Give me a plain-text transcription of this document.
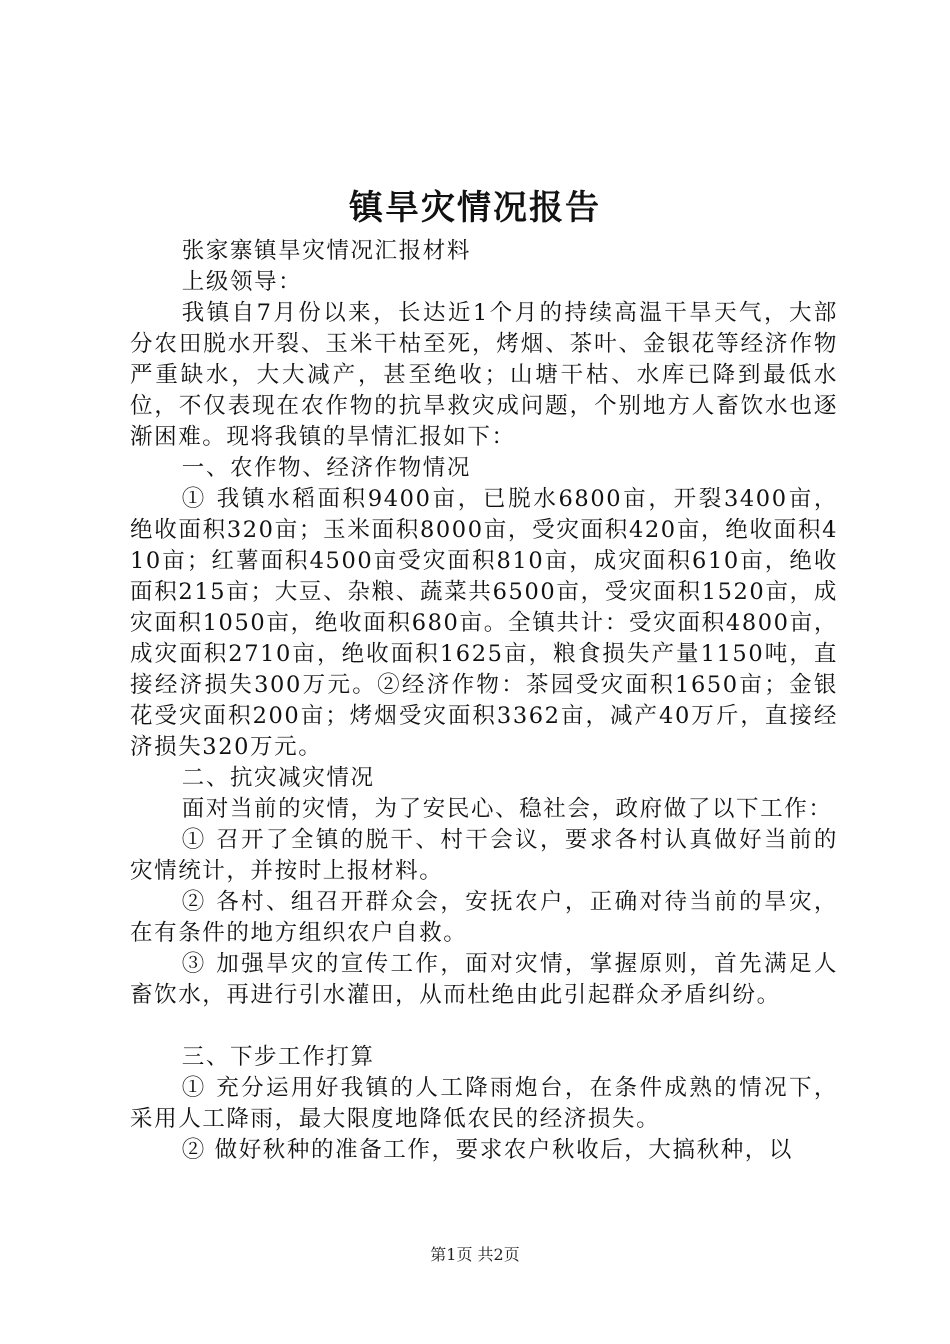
镇旱灾情况报告

张家寨镇旱灾情况汇报材料

上级领导：

我镇自7月份以来，长达近1个月的持续高温干旱天气，大部分农田脱水开裂、玉米干枯至死，烤烟、茶叶、金银花等经济作物严重缺水，大大减产，甚至绝收；山塘干枯、水库已降到最低水位，不仅表现在农作物的抗旱救灾成问题，个别地方人畜饮水也逐渐困难。现将我镇的旱情汇报如下：

一、农作物、经济作物情况

① 我镇水稻面积9400亩，已脱水6800亩，开裂3400亩，绝收面积320亩；玉米面积8000亩，受灾面积420亩，绝收面积410亩；红薯面积4500亩受灾面积810亩，成灾面积610亩，绝收面积215亩；大豆、杂粮、蔬菜共6500亩，受灾面积1520亩，成灾面积1050亩，绝收面积680亩。全镇共计：受灾面积4800亩，成灾面积2710亩，绝收面积1625亩，粮食损失产量1150吨，直接经济损失300万元。②经济作物：茶园受灾面积1650亩；金银花受灾面积200亩；烤烟受灾面积3362亩，减产40万斤，直接经济损失320万元。

二、抗灾减灾情况

面对当前的灾情，为了安民心、稳社会，政府做了以下工作：

① 召开了全镇的脱干、村干会议，要求各村认真做好当前的灾情统计，并按时上报材料。

② 各村、组召开群众会，安抚农户，正确对待当前的旱灾，在有条件的地方组织农户自救。

③ 加强旱灾的宣传工作，面对灾情，掌握原则，首先满足人畜饮水，再进行引水灌田，从而杜绝由此引起群众矛盾纠纷。

三、下步工作打算

① 充分运用好我镇的人工降雨炮台，在条件成熟的情况下，采用人工降雨，最大限度地降低农民的经济损失。

② 做好秋种的准备工作，要求农户秋收后，大搞秋种，以

第1页 共2页
